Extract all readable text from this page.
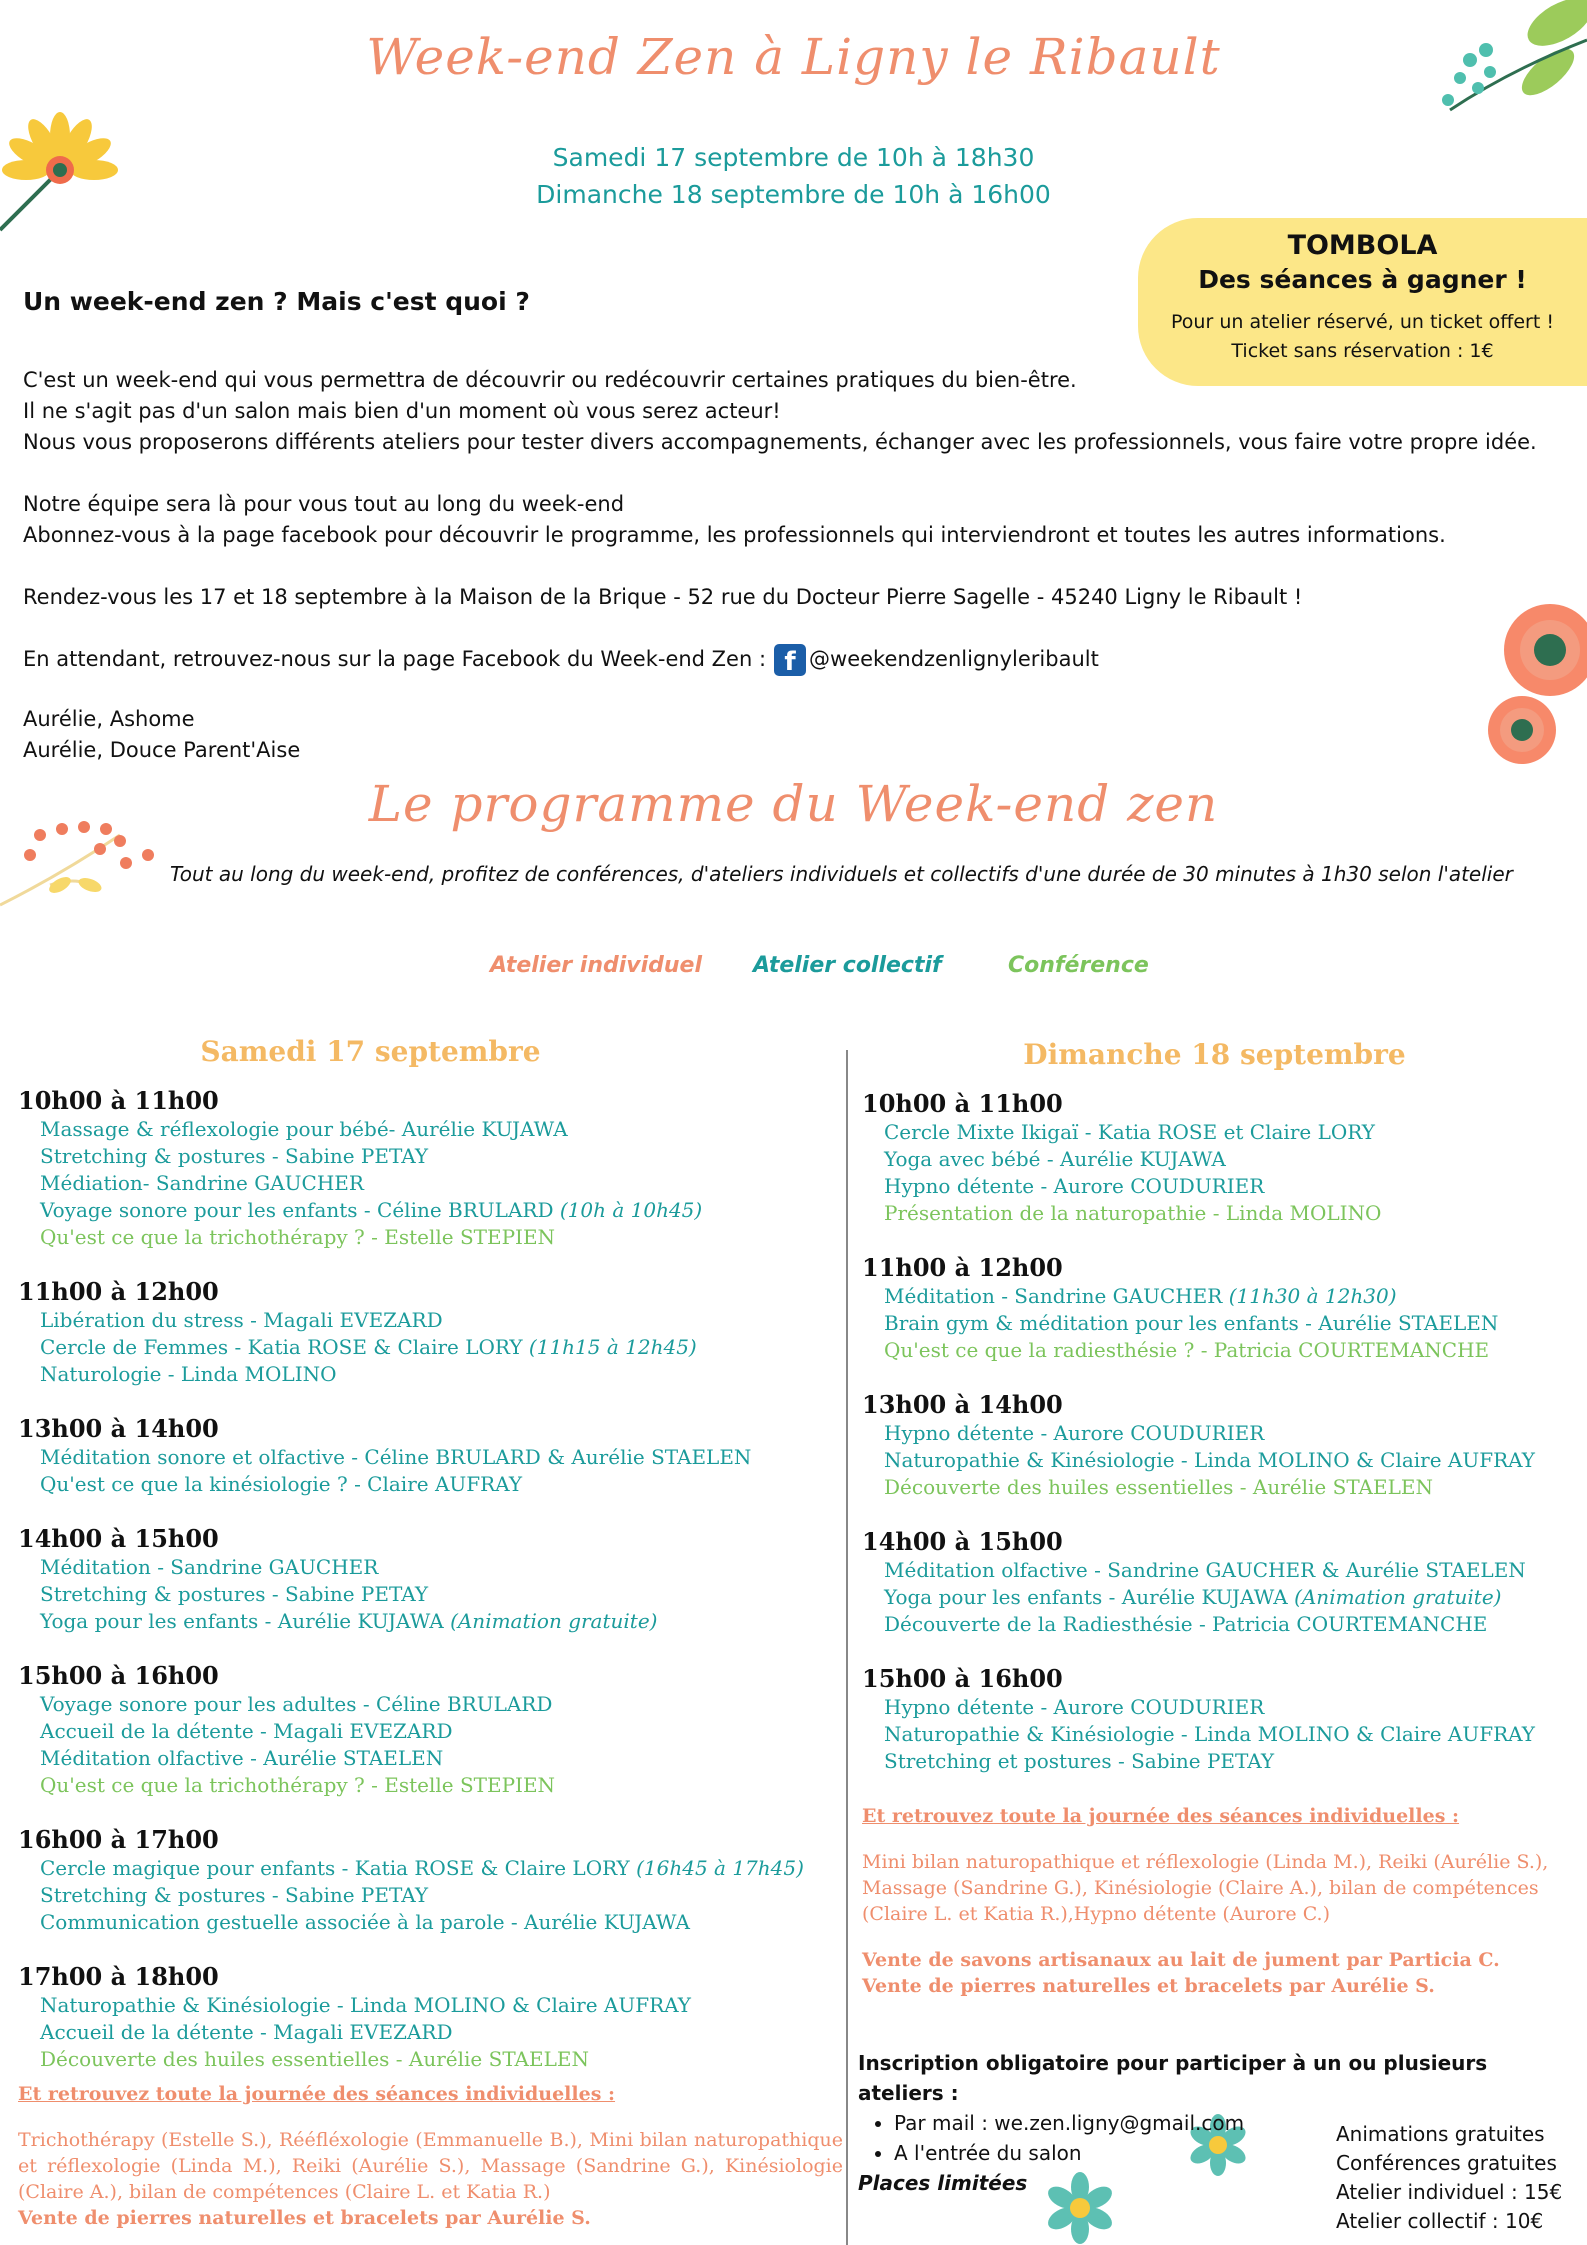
Week-end Zen à Ligny le Ribault
Samedi 17 septembre de 10h à 18h30
Dimanche 18 septembre de 10h à 16h00
TOMBOLA
Des séances à gagner !
Pour un atelier réservé, un ticket offert !
Ticket sans réservation : 1€
Un week-end zen ? Mais c'est quoi ?
C'est un week-end qui vous permettra de découvrir ou redécouvrir certaines pratiques du bien-être.
Il ne s'agit pas d'un salon mais bien d'un moment où vous serez acteur!
Nous vous proposerons différents ateliers pour tester divers accompagnements, échanger avec les professionnels, vous faire votre propre idée.
Notre équipe sera là pour vous tout au long du week-end
Abonnez-vous à la page facebook pour découvrir le programme, les professionnels qui interviendront et toutes les autres informations.
Rendez-vous les 17 et 18 septembre à la Maison de la Brique - 52 rue du Docteur Pierre Sagelle - 45240 Ligny le Ribault !
En attendant, retrouvez-nous sur la page Facebook du Week-end Zen : f @weekendzenlignyleribault
Aurélie, Ashome
Aurélie, Douce Parent'Aise
Le programme du Week-end zen
Tout au long du week-end, profitez de conférences, d'ateliers individuels et collectifs d'une durée de 30 minutes à 1h30 selon l'atelier
Atelier individuel Atelier collectif	Conférence
Samedi 17 septembre
10h00 à 11h00
Massage & réflexologie pour bébé- Aurélie KUJAWA
Stretching & postures - Sabine PETAY
Médiation- Sandrine GAUCHER
Voyage sonore pour les enfants - Céline BRULARD (10h à 10h45)
Qu'est ce que la trichothérapy ? - Estelle STEPIEN
11h00 à 12h00
Libération du stress - Magali EVEZARD
Cercle de Femmes - Katia ROSE & Claire LORY (11h15 à 12h45)
Naturologie - Linda MOLINO
13h00 à 14h00
Méditation sonore et olfactive - Céline BRULARD & Aurélie STAELEN
Qu'est ce que la kinésiologie ? - Claire AUFRAY
14h00 à 15h00
Méditation - Sandrine GAUCHER
Stretching & postures - Sabine PETAY
Yoga pour les enfants - Aurélie KUJAWA (Animation gratuite)
15h00 à 16h00
Voyage sonore pour les adultes - Céline BRULARD
Accueil de la détente - Magali EVEZARD
Méditation olfactive - Aurélie STAELEN
Qu'est ce que la trichothérapy ? - Estelle STEPIEN
16h00 à 17h00
Cercle magique pour enfants - Katia ROSE & Claire LORY (16h45 à 17h45)
Stretching & postures - Sabine PETAY
Communication gestuelle associée à la parole - Aurélie KUJAWA
17h00 à 18h00
Naturopathie & Kinésiologie - Linda MOLINO & Claire AUFRAY
Accueil de la détente - Magali EVEZARD
Découverte des huiles essentielles - Aurélie STAELEN
Et retrouvez toute la journée des séances individuelles :
Trichothérapy (Estelle S.), Rééfléxologie (Emmanuelle B.), Mini bilan naturopathique et réflexologie (Linda M.), Reiki (Aurélie S.), Massage (Sandrine G.), Kinésiologie (Claire A.), bilan de compétences (Claire L. et Katia R.)
Vente de pierres naturelles et bracelets par Aurélie S.
Dimanche 18 septembre
10h00 à 11h00
Cercle Mixte Ikigaï - Katia ROSE et Claire LORY
Yoga avec bébé - Aurélie KUJAWA
Hypno détente - Aurore COUDURIER
Présentation de la naturopathie - Linda MOLINO
11h00 à 12h00
Méditation - Sandrine GAUCHER (11h30 à 12h30)
Brain gym & méditation pour les enfants - Aurélie STAELEN
Qu'est ce que la radiesthésie ? - Patricia COURTEMANCHE
13h00 à 14h00
Hypno détente - Aurore COUDURIER
Naturopathie & Kinésiologie - Linda MOLINO & Claire AUFRAY
Découverte des huiles essentielles - Aurélie STAELEN
14h00 à 15h00
Méditation olfactive - Sandrine GAUCHER & Aurélie STAELEN
Yoga pour les enfants - Aurélie KUJAWA (Animation gratuite)
Découverte de la Radiesthésie - Patricia COURTEMANCHE
15h00 à 16h00
Hypno détente - Aurore COUDURIER
Naturopathie & Kinésiologie - Linda MOLINO & Claire AUFRAY
Stretching et postures - Sabine PETAY
Et retrouvez toute la journée des séances individuelles :
Mini bilan naturopathique et réflexologie (Linda M.), Reiki (Aurélie S.), Massage (Sandrine G.), Kinésiologie (Claire A.), bilan de compétences (Claire L. et Katia R.),Hypno détente (Aurore C.)
Vente de savons artisanaux au lait de jument par Particia C.
Vente de pierres naturelles et bracelets par Aurélie S.
Inscription obligatoire pour participer à un ou plusieurs ateliers :
• Par mail : we.zen.ligny@gmail.com
• A l'entrée du salon
Places limitées
Animations gratuites
Conférences gratuites
Atelier individuel : 15€
Atelier collectif : 10€
